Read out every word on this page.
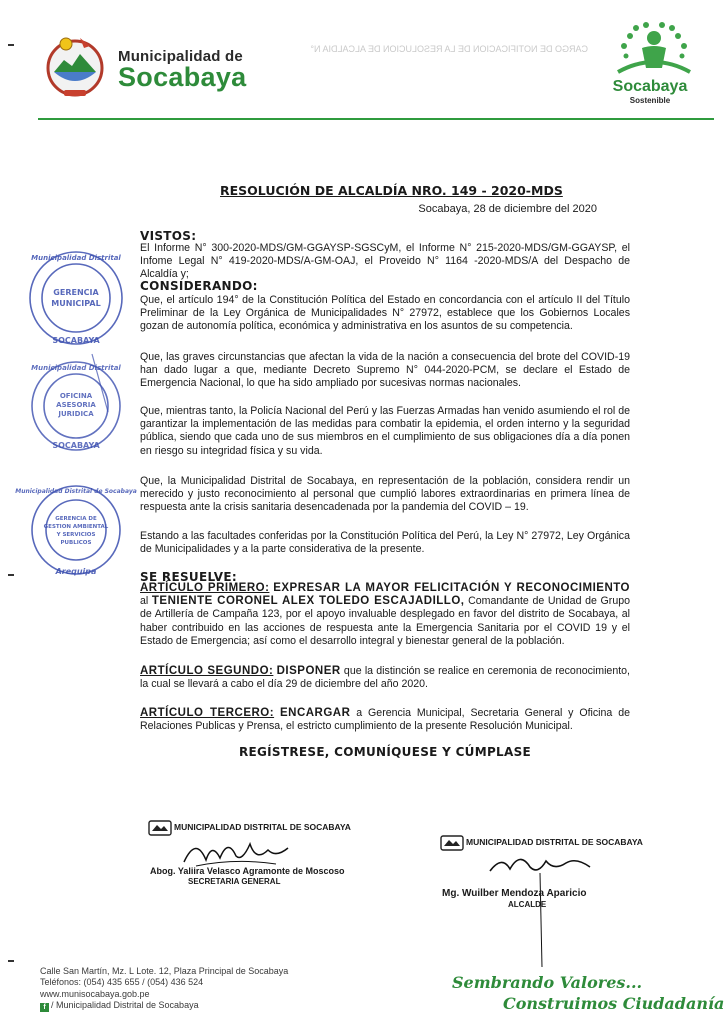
Municipalidad de
Socabaya
CARGO DE NOTIFICACION DE LA RESOLUCION DE ALCALDIA N°
Socabaya
Sostenible
RESOLUCIÓN DE ALCALDÍA NRO. 149 - 2020-MDS
Socabaya, 28 de diciembre del 2020
VISTOS:
El Informe N° 300-2020-MDS/GM-GGAYSP-SGSCyM, el Informe N° 215-2020-MDS/GM-GGAYSP, el Infome Legal N° 419-2020-MDS/A-GM-OAJ, el Proveido N° 1164 -2020-MDS/A del Despacho de Alcaldía y;
CONSIDERANDO:
Que, el artículo 194° de la Constitución Política del Estado en concordancia con el artículo II del Título Preliminar de la Ley Orgánica de Municipalidades N° 27972, establece que los Gobiernos Locales gozan de autonomía política, económica y administrativa en los asuntos de su competencia.
Que, las graves circunstancias que afectan la vida de la nación a consecuencia del brote del COVID-19 han dado lugar a que, mediante Decreto Supremo N° 044-2020-PCM, se declare el Estado de Emergencia Nacional, lo que ha sido ampliado por sucesivas normas nacionales.
Que, mientras tanto, la Policía Nacional del Perú y las Fuerzas Armadas han venido asumiendo el rol de garantizar la implementación de las medidas para combatir la epidemia, el orden interno y la seguridad pública, siendo que cada uno de sus miembros en el cumplimiento de sus obligaciones día a día ponen en riesgo su integridad física y su vida.
Que, la Municipalidad Distrital de Socabaya, en representación de la población, considera rendir un merecido y justo reconocimiento al personal que cumplió labores extraordinarias en primera línea de respuesta ante la crisis sanitaria desencadenada por la pandemia del COVID – 19.
Estando a las facultades conferidas por la Constitución Política del Perú, la Ley N° 27972, Ley Orgánica de Municipalidades y a la parte considerativa de la presente.
SE RESUELVE:
ARTÍCULO PRIMERO: EXPRESAR LA MAYOR FELICITACIÓN Y RECONOCIMIENTO al TENIENTE CORONEL ALEX TOLEDO ESCAJADILLO, Comandante de Unidad de Grupo de Artillería de Campaña 123, por el apoyo invaluable desplegado en favor del distrito de Socabaya, al haber contribuido en las acciones de respuesta ante la Emergencia Sanitaria por el COVID 19 y el Estado de Emergencia; así como el desarrollo integral y bienestar general de la población.
ARTÍCULO SEGUNDO: DISPONER que la distinción se realice en ceremonia de reconocimiento, la cual se llevará a cabo el día 29 de diciembre del año 2020.
ARTÍCULO TERCERO: ENCARGAR a Gerencia Municipal, Secretaria General y Oficina de Relaciones Publicas y Prensa, el estricto cumplimiento de la presente Resolución Municipal.
REGÍSTRESE, COMUNÍQUESE Y CÚMPLASE
GERENCIA
MUNICIPAL
Municipalidad Distrital
SOCABAYA
OFICINA
ASESORIA
JURIDICA
Municipalidad Distrital
SOCABAYA
GERENCIA DE
GESTION AMBIENTAL
Y SERVICIOS
PUBLICOS
Municipalidad Distrital de Socabaya
Arequipa
MUNICIPALIDAD DISTRITAL DE SOCABAYA
Abog. Yaliira Velasco Agramonte de Moscoso
SECRETARIA GENERAL
MUNICIPALIDAD DISTRITAL DE SOCABAYA
Mg. Wuilber Mendoza Aparicio
ALCALDE
Calle San Martín, Mz. L Lote. 12, Plaza Principal de Socabaya
Teléfonos: (054) 435 655 / (054) 436 524
www.munisocabaya.gob.pe
f / Municipalidad Distrital de Socabaya
Sembrando Valores...
Construimos Ciudadanía
